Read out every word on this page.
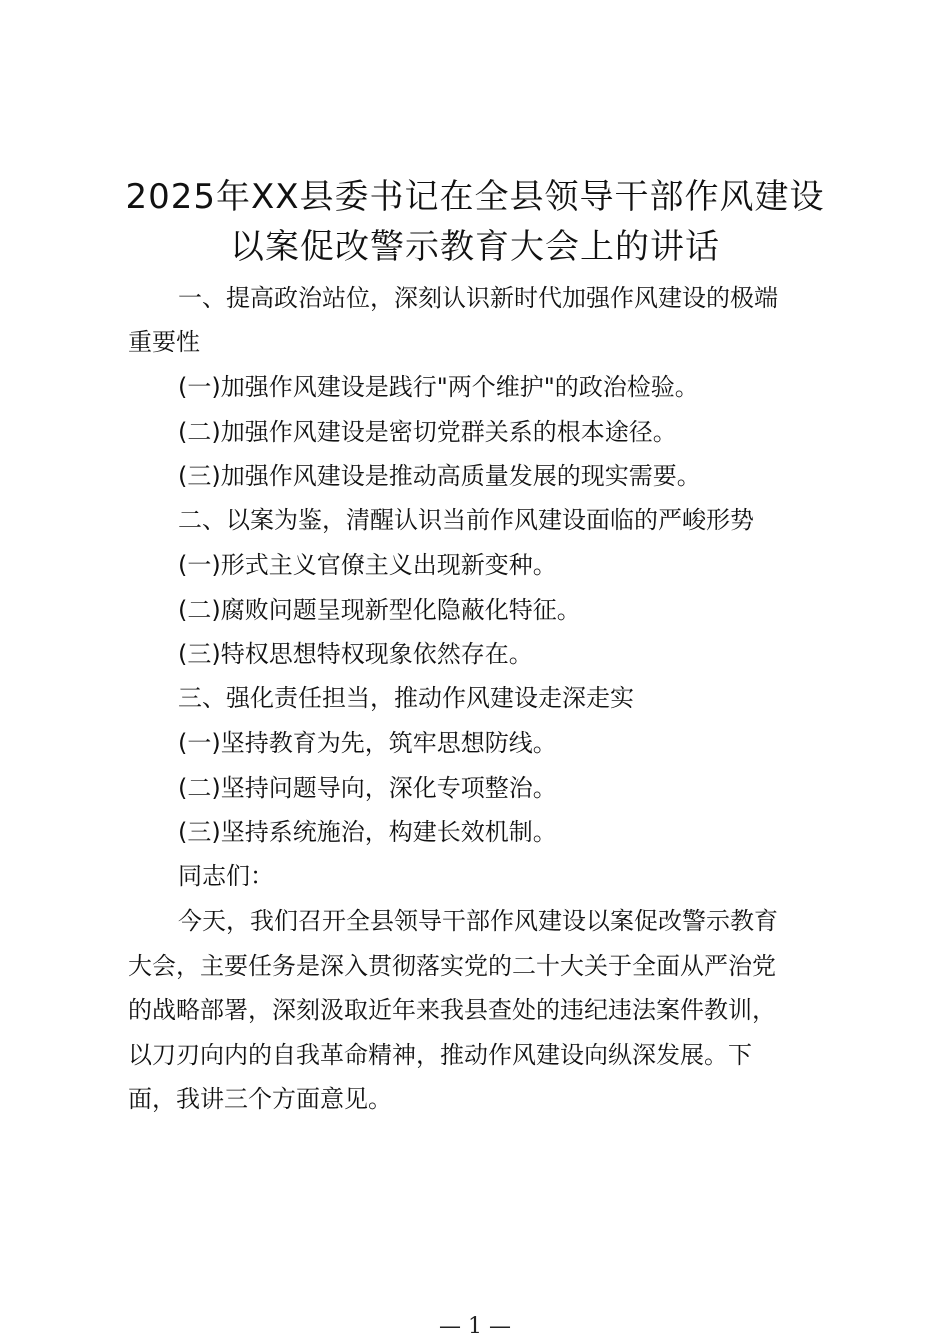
2025年XX县委书记在全县领导干部作风建设
以案促改警示教育大会上的讲话
一、提高政治站位，深刻认识新时代加强作风建设的极端
重要性
(一)加强作风建设是践行"两个维护"的政治检验。
(二)加强作风建设是密切党群关系的根本途径。
(三)加强作风建设是推动高质量发展的现实需要。
二、以案为鉴，清醒认识当前作风建设面临的严峻形势
(一)形式主义官僚主义出现新变种。
(二)腐败问题呈现新型化隐蔽化特征。
(三)特权思想特权现象依然存在。
三、强化责任担当，推动作风建设走深走实
(一)坚持教育为先，筑牢思想防线。
(二)坚持问题导向，深化专项整治。
(三)坚持系统施治，构建长效机制。
同志们：
今天，我们召开全县领导干部作风建设以案促改警示教育
大会，主要任务是深入贯彻落实党的二十大关于全面从严治党
的战略部署，深刻汲取近年来我县查处的违纪违法案件教训，
以刀刃向内的自我革命精神，推动作风建设向纵深发展。下
面，我讲三个方面意见。
— 1 —
